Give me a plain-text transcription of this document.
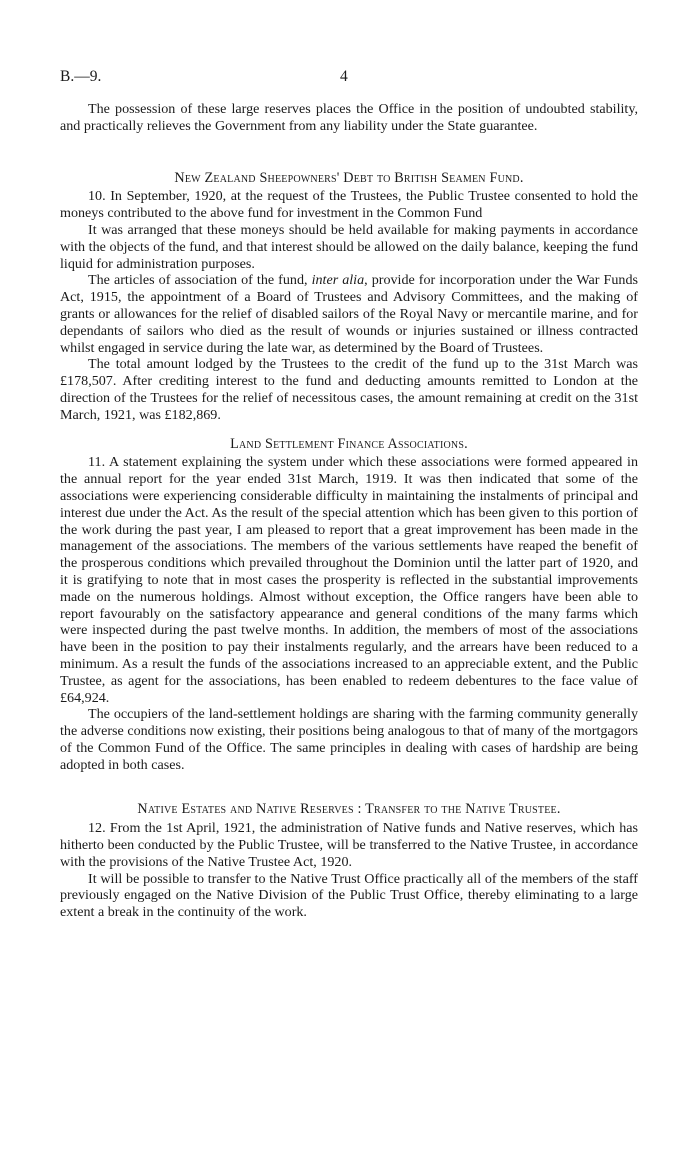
B.—9.	4

The possession of these large reserves places the Office in the position of undoubted stability, and practically relieves the Government from any liability under the State guarantee.

New Zealand Sheepowners' Debt to British Seamen Fund.

10. In September, 1920, at the request of the Trustees, the Public Trustee consented to hold the moneys contributed to the above fund for investment in the Common Fund

It was arranged that these moneys should be held available for making payments in accordance with the objects of the fund, and that interest should be allowed on the daily balance, keeping the fund liquid for administration purposes.

The articles of association of the fund, inter alia, provide for incorporation under the War Funds Act, 1915, the appointment of a Board of Trustees and Advisory Committees, and the making of grants or allowances for the relief of disabled sailors of the Royal Navy or mercantile marine, and for dependants of sailors who died as the result of wounds or injuries sustained or illness contracted whilst engaged in service during the late war, as determined by the Board of Trustees.

The total amount lodged by the Trustees to the credit of the fund up to the 31st March was £178,507. After crediting interest to the fund and deducting amounts remitted to London at the direction of the Trustees for the relief of necessitous cases, the amount remaining at credit on the 31st March, 1921, was £182,869.

Land Settlement Finance Associations.

11. A statement explaining the system under which these associations were formed appeared in the annual report for the year ended 31st March, 1919. It was then indicated that some of the associations were experiencing considerable difficulty in maintaining the instalments of principal and interest due under the Act. As the result of the special attention which has been given to this portion of the work during the past year, I am pleased to report that a great improvement has been made in the management of the associations. The members of the various settlements have reaped the benefit of the prosperous conditions which prevailed throughout the Dominion until the latter part of 1920, and it is gratifying to note that in most cases the prosperity is reflected in the substantial improvements made on the numerous holdings. Almost without exception, the Office rangers have been able to report favourably on the satisfactory appearance and general conditions of the many farms which were inspected during the past twelve months. In addition, the members of most of the associations have been in the position to pay their instalments regularly, and the arrears have been reduced to a minimum. As a result the funds of the associations increased to an appreciable extent, and the Public Trustee, as agent for the associations, has been enabled to redeem debentures to the face value of £64,924.

The occupiers of the land-settlement holdings are sharing with the farming community generally the adverse conditions now existing, their positions being analogous to that of many of the mortgagors of the Common Fund of the Office. The same principles in dealing with cases of hardship are being adopted in both cases.

Native Estates and Native Reserves : Transfer to the Native Trustee.

12. From the 1st April, 1921, the administration of Native funds and Native reserves, which has hitherto been conducted by the Public Trustee, will be transferred to the Native Trustee, in accordance with the provisions of the Native Trustee Act, 1920.

It will be possible to transfer to the Native Trust Office practically all of the members of the staff previously engaged on the Native Division of the Public Trust Office, thereby eliminating to a large extent a break in the continuity of the work.
